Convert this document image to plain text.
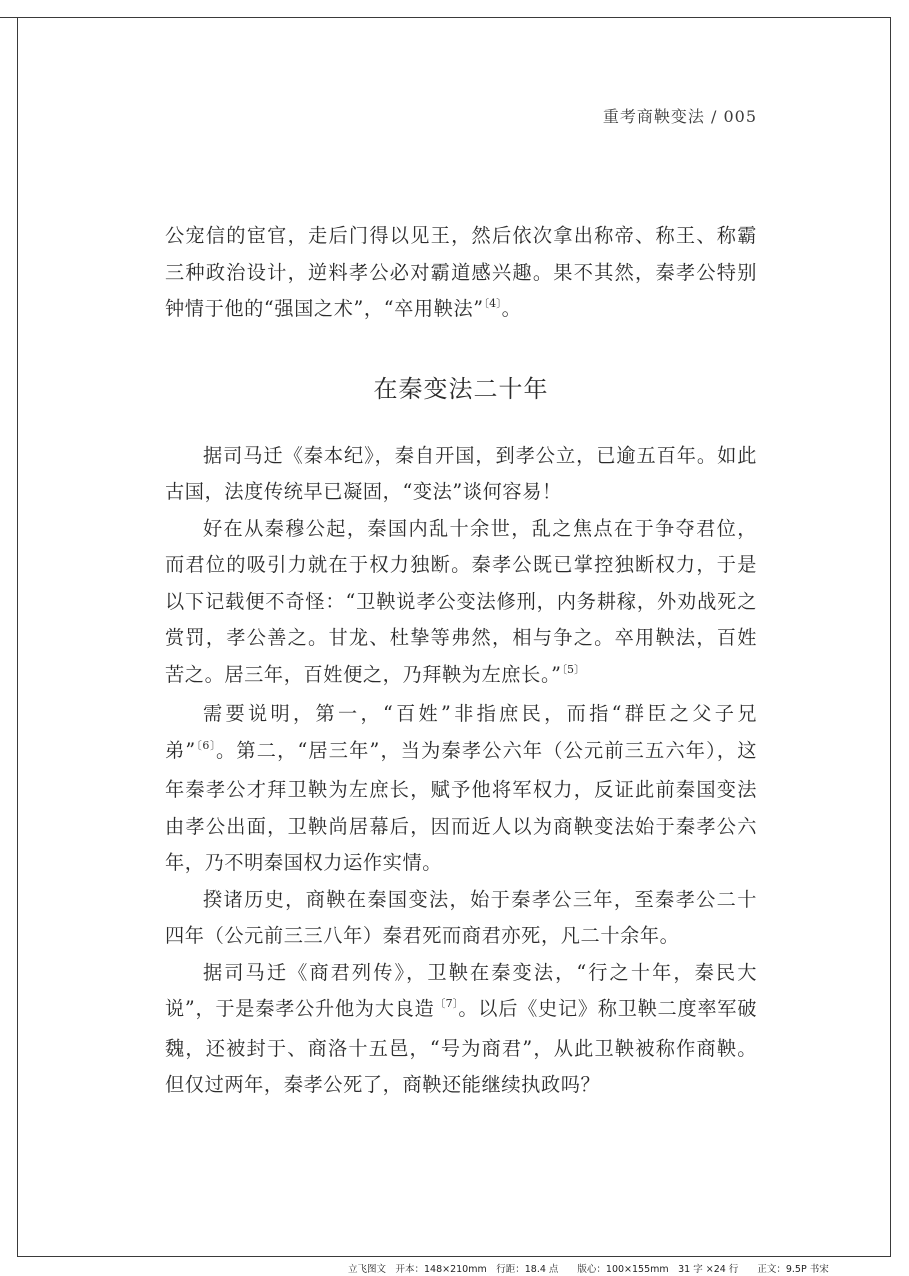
重考商鞅变法 / 005

公宠信的宦官，走后门得以见王，然后依次拿出称帝、称王、称霸三种政治设计，逆料孝公必对霸道感兴趣。果不其然，秦孝公特别钟情于他的“强国之术”，“卒用鞅法”$^{〔4〕}$。

在秦变法二十年

据司马迁《秦本纪》，秦自开国，到孝公立，已逾五百年。如此古国，法度传统早已凝固，“变法”谈何容易！

好在从秦穆公起，秦国内乱十余世，乱之焦点在于争夺君位，而君位的吸引力就在于权力独断。秦孝公既已掌控独断权力，于是以下记载便不奇怪：“卫鞅说孝公变法修刑，内务耕稼，外劝战死之赏罚，孝公善之。甘龙、杜挚等弗然，相与争之。卒用鞅法，百姓苦之。居三年，百姓便之，乃拜鞅为左庶长。”$^{〔5〕}$

需要说明，第一，“百姓”非指庶民，而指“群臣之父子兄弟”$^{〔6〕}$。第二，“居三年”，当为秦孝公六年（公元前三五六年），这年秦孝公才拜卫鞅为左庶长，赋予他将军权力，反证此前秦国变法由孝公出面，卫鞅尚居幕后，因而近人以为商鞅变法始于秦孝公六年，乃不明秦国权力运作实情。

揆诸历史，商鞅在秦国变法，始于秦孝公三年，至秦孝公二十四年（公元前三三八年）秦君死而商君亦死，凡二十余年。

据司马迁《商君列传》，卫鞅在秦变法，“行之十年，秦民大说”，于是秦孝公升他为大良造$^{〔7〕}$。以后《史记》称卫鞅二度率军破魏，还被封于、商洛十五邑，“号为商君”，从此卫鞅被称作商鞅。但仅过两年，秦孝公死了，商鞅还能继续执政吗？

立飞图文　开本：148×210mm　行距：18.4 点　　版心：100×155mm　31 字 ×24 行　　正文：9.5P 书宋
